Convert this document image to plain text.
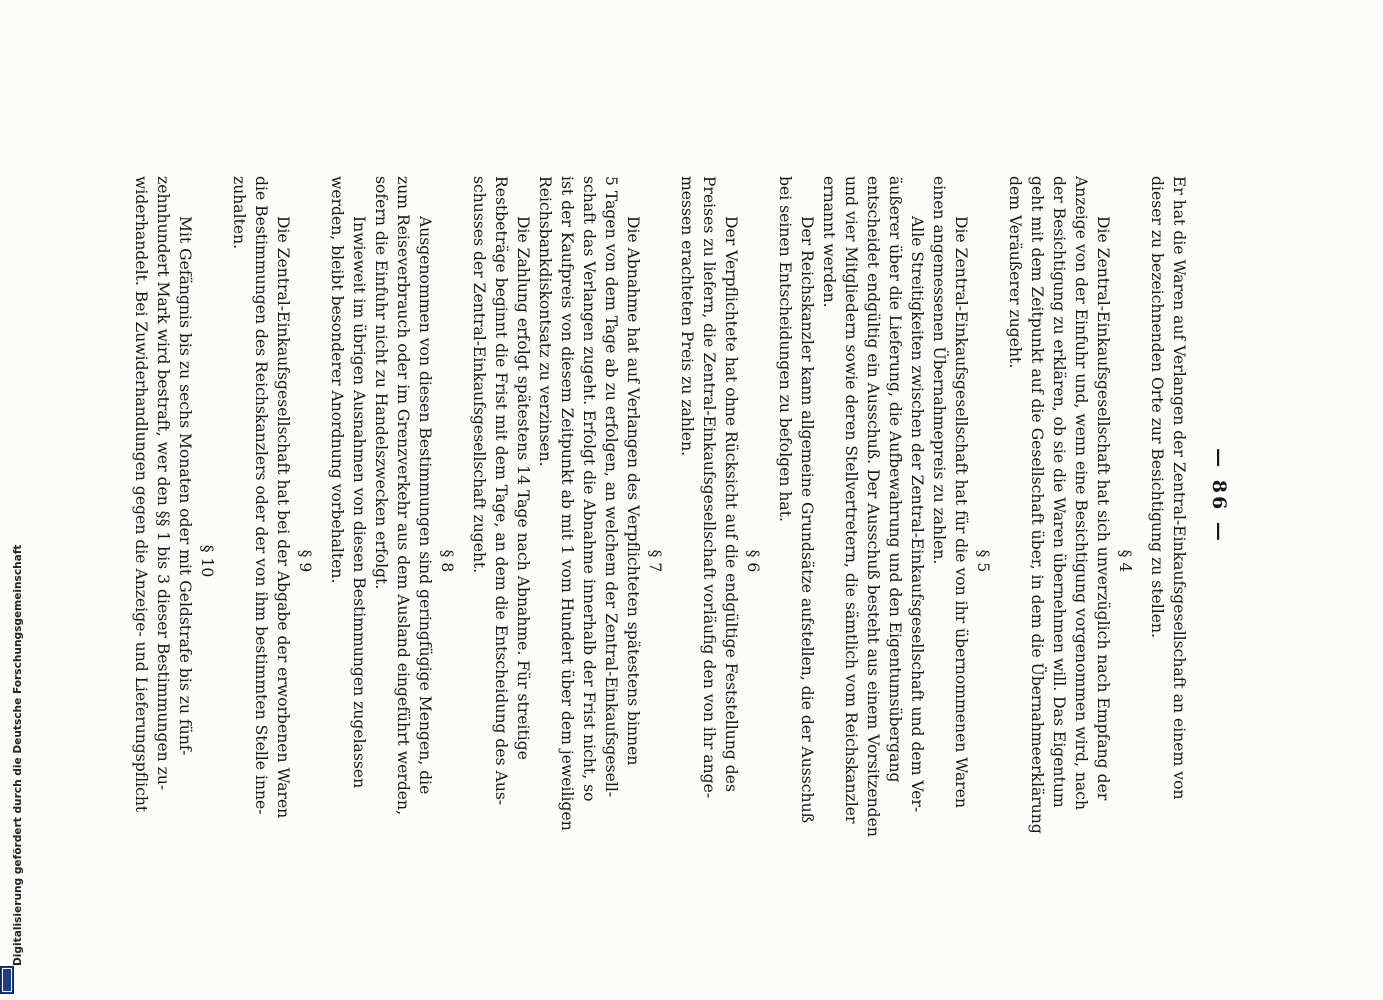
— 86 —
Er hat die Waren auf Verlangen der Zentral-Einkaufsgesellschaft an einem von
dieser zu bezeichnenden Orte zur Besichtigung zu stellen.
§ 4
Die Zentral-Einkaufsgesellschaft hat sich unverzüglich nach Empfang der
Anzeige von der Einfuhr und, wenn eine Besichtigung vorgenommen wird, nach
der Besichtigung zu erklären, ob sie die Waren übernehmen will. Das Eigentum
geht mit dem Zeitpunkt auf die Gesellschaft über, in dem die Übernahmeerklärung
dem Veräußerer zugeht.
§ 5
Die Zentral-Einkaufsgesellschaft hat für die von ihr übernommenen Waren
einen angemessenen Übernahmepreis zu zahlen.
Alle Streitigkeiten zwischen der Zentral-Einkaufsgesellschaft und dem Ver-
äußerer über die Lieferung, die Aufbewahrung und den Eigentumsübergang
entscheidet endgültig ein Ausschuß. Der Ausschuß besteht aus einem Vorsitzenden
und vier Mitgliedern sowie deren Stellvertretern, die sämtlich vom Reichskanzler
ernannt werden.
Der Reichskanzler kann allgemeine Grundsätze aufstellen, die der Ausschuß
bei seinen Entscheidungen zu befolgen hat.
§ 6
Der Verpflichtete hat ohne Rücksicht auf die endgültige Feststellung des
Preises zu liefern, die Zentral-Einkaufsgesellschaft vorläufig den von ihr ange-
messen erachteten Preis zu zahlen.
§ 7
Die Abnahme hat auf Verlangen des Verpflichteten spätestens binnen
5 Tagen von dem Tage ab zu erfolgen, an welchem der Zentral-Einkaufsgesell-
schaft das Verlangen zugeht. Erfolgt die Abnahme innerhalb der Frist nicht, so
ist der Kaufpreis von diesem Zeitpunkt ab mit 1 vom Hundert über dem jeweiligen
Reichsbankdiskontsatz zu verzinsen.
Die Zahlung erfolgt spätestens 14 Tage nach Abnahme. Für streitige
Restbeträge beginnt die Frist mit dem Tage, an dem die Entscheidung des Aus-
schusses der Zentral-Einkaufsgesellschaft zugeht.
§ 8
Ausgenommen von diesen Bestimmungen sind geringfügige Mengen, die
zum Reiseverbrauch oder im Grenzverkehr aus dem Ausland eingeführt werden,
sofern die Einfuhr nicht zu Handelszwecken erfolgt.
Inwieweit im übrigen Ausnahmen von diesen Bestimmungen zugelassen
werden, bleibt besonderer Anordnung vorbehalten.
§ 9
Die Zentral-Einkaufsgesellschaft hat bei der Abgabe der erworbenen Waren
die Bestimmungen des Reichskanzlers oder der von ihm bestimmten Stelle inne-
zuhalten.
§ 10
Mit Gefängnis bis zu sechs Monaten oder mit Geldstrafe bis zu fünf-
zehnhundert Mark wird bestraft, wer den §§ 1 bis 3 dieser Bestimmungen zu-
widerhandelt. Bei Zuwiderhandlungen gegen die Anzeige- und Lieferungspflicht
Digitalisierung gefördert durch die Deutsche Forschungsgemeinschaft
